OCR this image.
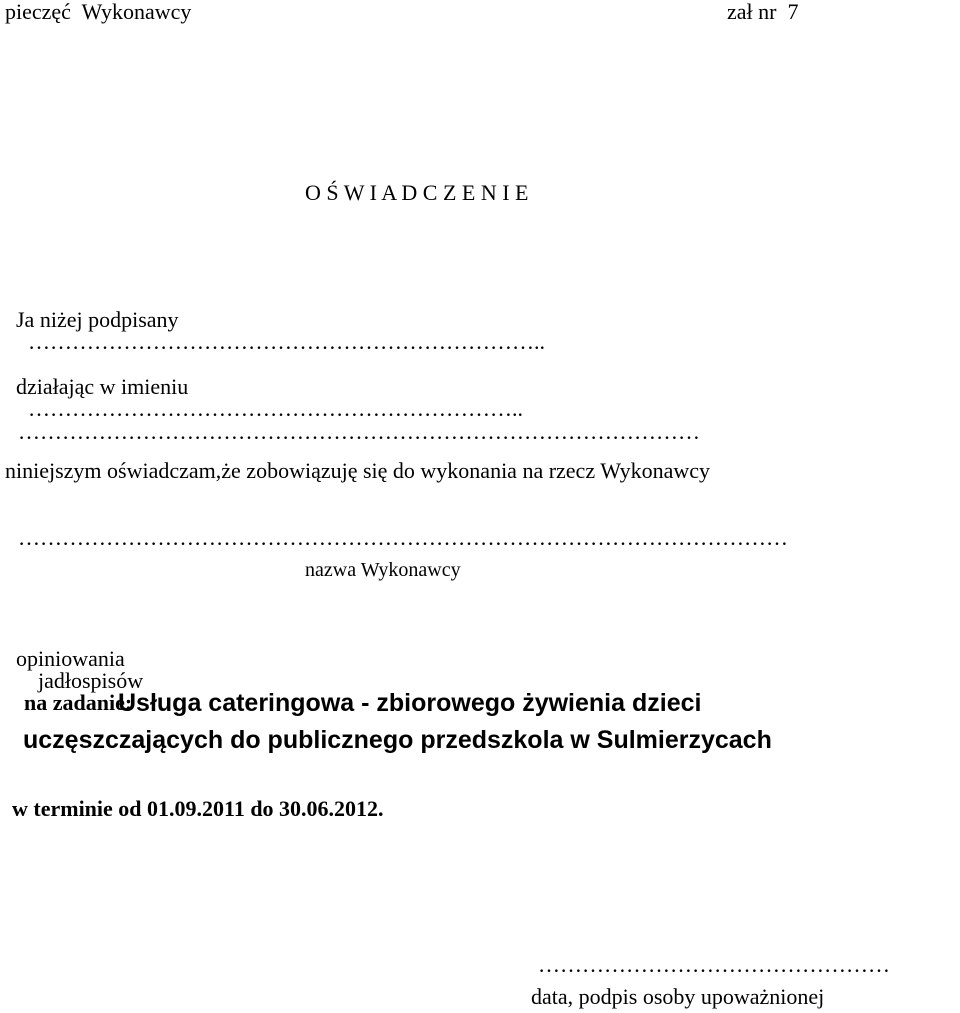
pieczęć  Wykonawcy	zał nr  7
O Ś W I A D C Z E N I E

Ja niżej podpisany
……………………………………………………………..

działając w imieniu
…………………………………………………………..

…………………………………………………………………………………
niniejszym oświadczam,że zobowiązuję się do wykonania na rzecz Wykonawcy
……………………………………………………………………………………………
nazwa Wykonawcy

opiniowania
jadłospisów
na zadanie:

Usługa cateringowa - zbiorowego żywienia dzieci
uczęszczających do publicznego przedszkola w Sulmierzycach
w terminie od 01.09.2011 do 30.06.2012.
…………………………………………
data, podpis osoby upoważnionej
